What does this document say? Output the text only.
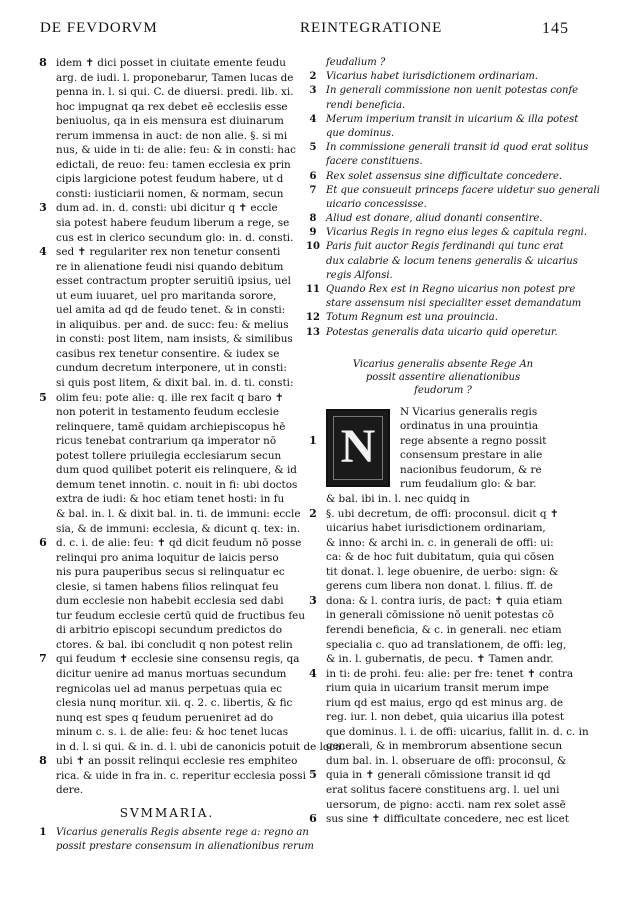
DE FEVDORVM	REINTEGRATIONE	145
8 idem ✝ dici posset in ciuitate emente feudu
arg. de iudi. l. proponebarur, Tamen lucas de
penna in. l. si qui. C. de diuersi. predi. lib. xi.
hoc impugnat qa rex debet eē ecclesiis esse
beniuolus, qa in eis mensura est diuinarum
rerum immensa in auct: de non alie. §. si mi
nus, & uide in ti: de alie: feu: & in consti: hac
edictali, de reuo: feu: tamen ecclesia ex prin
cipis largicione potest feudum habere, ut d
consti: iusticiarii nomen, & normam, secun
3 dum ad. in. d. consti: ubi dicitur q ✝ eccle
sia potest habere feudum liberum a rege, se
cus est in clerico secundum glo: in. d. consti.
4 sed ✝ regulariter rex non tenetur consenti
re in alienatione feudi nisi quando debitum
esset contractum propter seruitiū ipsius, uel
ut eum iuuaret, uel pro maritanda sorore,
uel amita ad qd de feudo tenet. & in consti:
in aliquibus. per and. de succ: feu: & melius
in consti: post litem, nam insists, & similibus
casibus rex tenetur consentire. & iudex se
cundum decretum interponere, ut in consti:
si quis post litem, & dixit bal. in. d. ti. consti:
5 olim feu: pote alie: q. ille rex facit q baro ✝
non poterit in testamento feudum ecclesie
relinquere, tamē quidam archiepiscopus hē
ricus tenebat contrarium qa imperator nō
potest tollere priuilegia ecclesiarum secun
dum quod quilibet poterit eis relinquere, & id
demum tenet innotin. c. nouit in fi: ubi doctos
extra de iudi: & hoc etiam tenet hosti: in fu
& bal. in. l. & dixit bal. in. ti. de immuni: eccle
sia, & de immuni: ecclesia, & dicunt q. tex: in.
6 d. c. i. de alie: feu: ✝ qd dicit feudum nō posse
relinqui pro anima loquitur de laicis perso
nis pura pauperibus secus si relinquatur ec
clesie, si tamen habens filios relinquat feu
dum ecclesie non habebit ecclesia sed dabi
tur feudum ecclesie certū quid de fructibus feu
di arbitrio episcopi secundum predictos do
ctores. & bal. ibi concludit q non potest relin
7 qui feudum ✝ ecclesie sine consensu regis, qa
dicitur uenire ad manus mortuas secundum
regnicolas uel ad manus perpetuas quia ec
clesia nunq moritur. xii. q. 2. c. libertis, & fic
nunq est spes q feudum perueniret ad do
minum c. s. i. de alie: feu: & hoc tenet lucas
in d. l. si qui. & in. d. l. ubi de canonicis potuit de loca.
8 ubi ✝ an possit relinqui ecclesie res emphiteo
rica. & uide in fra in. c. reperitur ecclesia possi
dere.
SVMMARIA.
1 Vicarius generalis Regis absente rege a: regno an
possit prestare consensum in alienationibus rerum
feudalium ?
2 Vicarius habet iurisdictionem ordinariam.
3 In generali commissione non uenit potestas confe
rendi beneficia.
4 Merum imperium transit in uicarium & illa potest
que dominus.
5 In commissione generali transit id quod erat solitus
facere constituens.
6 Rex solet assensus sine difficultate concedere.
7 Et que consueuit princeps facere uidetur suo generali
uicario concessisse.
8 Aliud est donare, aliud donanti consentire.
9 Vicarius Regis in regno eius leges & capitula regni.
10 Paris fuit auctor Regis ferdinandi qui tunc erat
dux calabrie & locum tenens generalis & uicarius
regis Alfonsi.
11 Quando Rex est in Regno uicarius non potest pre
stare assensum nisi specialiter esset demandatum
12 Totum Regnum est una prouincia.
13 Potestas generalis data uicario quid operetur.
Vicarius generalis absente Rege An
possit assentire alienationibus
feudorum ?
N
N Vicarius generalis regis
ordinatus in una prouintia
1	rege absente a regno possit
consensum prestare in alie
nacionibus feudorum, & re
rum feudalium glo: & bar.
& bal. ibi in. l. nec quidq in
2 §. ubi decretum, de offi: proconsul. dicit q ✝
uicarius habet iurisdictionem ordinariam,
& inno: & archi in. c. in generali de offi: ui:
ca: & de hoc fuit dubitatum, quia qui cōsen
tit donat. l. lege obuenire, de uerbo: sign: &
gerens cum libera non donat. l. filius. ff. de
3 dona: & l. contra iuris, de pact: ✝ quia etiam
in generali cōmissione nō uenit potestas cō
ferendi beneficia, & c. in generali. nec etiam
specialia c. quo ad translationem, de offi: leg,
& in. l. gubernatis, de pecu. ✝ Tamen andr.
4 in ti: de prohi. feu: alie: per fre: tenet ✝ contra
rium quia in uicarium transit merum impe
rium qd est maius, ergo qd est minus arg. de
reg. iur. l. non debet, quia uicarius illa potest
que dominus. l. i. de offi: uicarius, fallit in. d. c. in
generali, & in membrorum absentione secun
dum bal. in. l. obseruare de offi: proconsul, &
5 quia in ✝ generali cōmissione transit id qd
erat solitus facere constituens arg. l. uel uni
uersorum, de pigno: accti. nam rex solet assē
6 sus sine ✝ difficultate concedere, nec est licet
